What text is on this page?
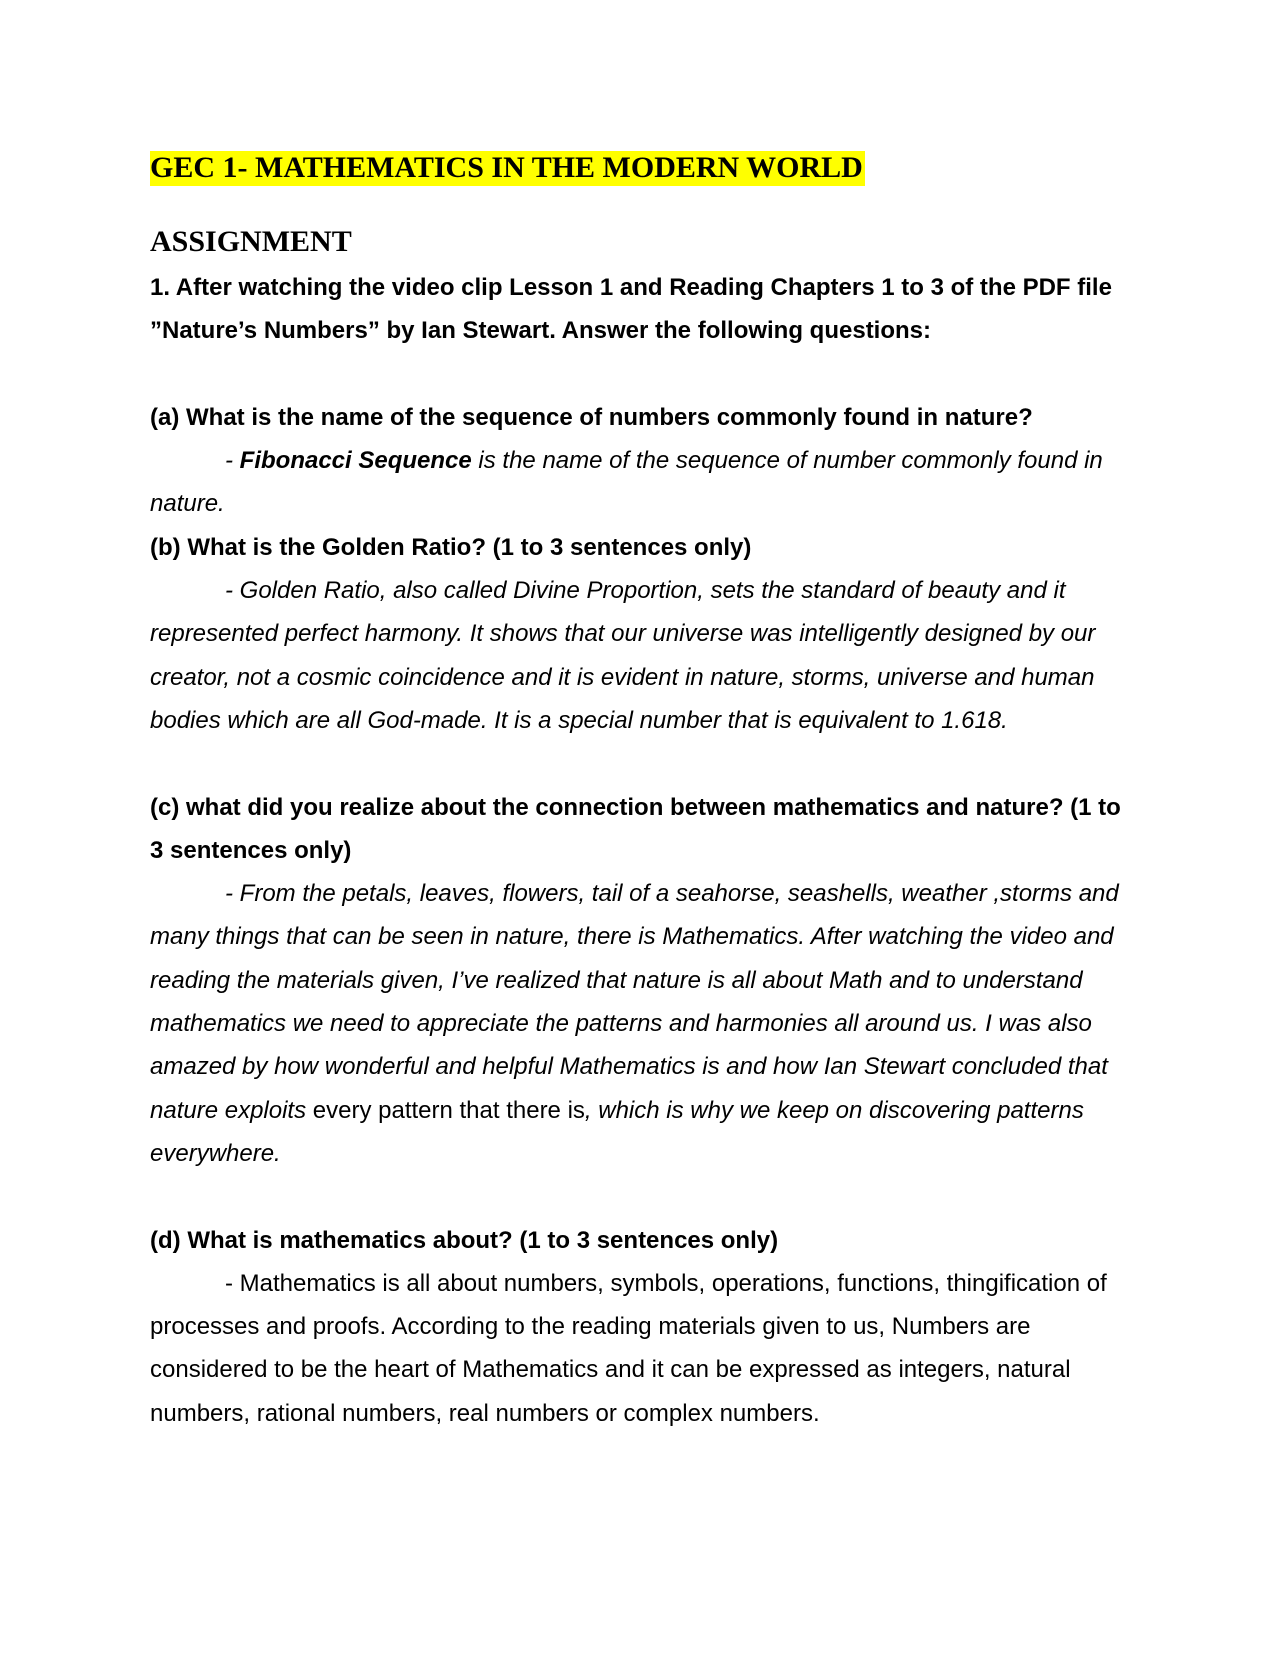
GEC 1- MATHEMATICS IN THE MODERN WORLD
ASSIGNMENT

1. After watching the video clip Lesson 1 and Reading Chapters 1 to 3 of the PDF file ”Nature’s Numbers” by Ian Stewart. Answer the following questions:

(a) What is the name of the sequence of numbers commonly found in nature?

- Fibonacci Sequence is the name of the sequence of number commonly found in nature.

(b) What is the Golden Ratio? (1 to 3 sentences only)

- Golden Ratio, also called Divine Proportion, sets the standard of beauty and it represented perfect harmony. It shows that our universe was intelligently designed by our creator, not a cosmic coincidence and it is evident in nature, storms, universe and human bodies which are all God-made. It is a special number that is equivalent to 1.618.

(c) what did you realize about the connection between mathematics and nature? (1 to 3 sentences only)

- From the petals, leaves, flowers, tail of a seahorse, seashells, weather ,storms and many things that can be seen in nature, there is Mathematics. After watching the video and reading the materials given, I’ve realized that nature is all about Math and to understand mathematics we need to appreciate the patterns and harmonies all around us. I was also amazed by how wonderful and helpful Mathematics is and how Ian Stewart concluded that nature exploits every pattern that there is, which is why we keep on discovering patterns everywhere.

(d) What is mathematics about? (1 to 3 sentences only)

- Mathematics is all about numbers, symbols, operations, functions, thingification of processes and proofs. According to the reading materials given to us, Numbers are considered to be the heart of Mathematics and it can be expressed as integers, natural numbers, rational numbers, real numbers or complex numbers.
